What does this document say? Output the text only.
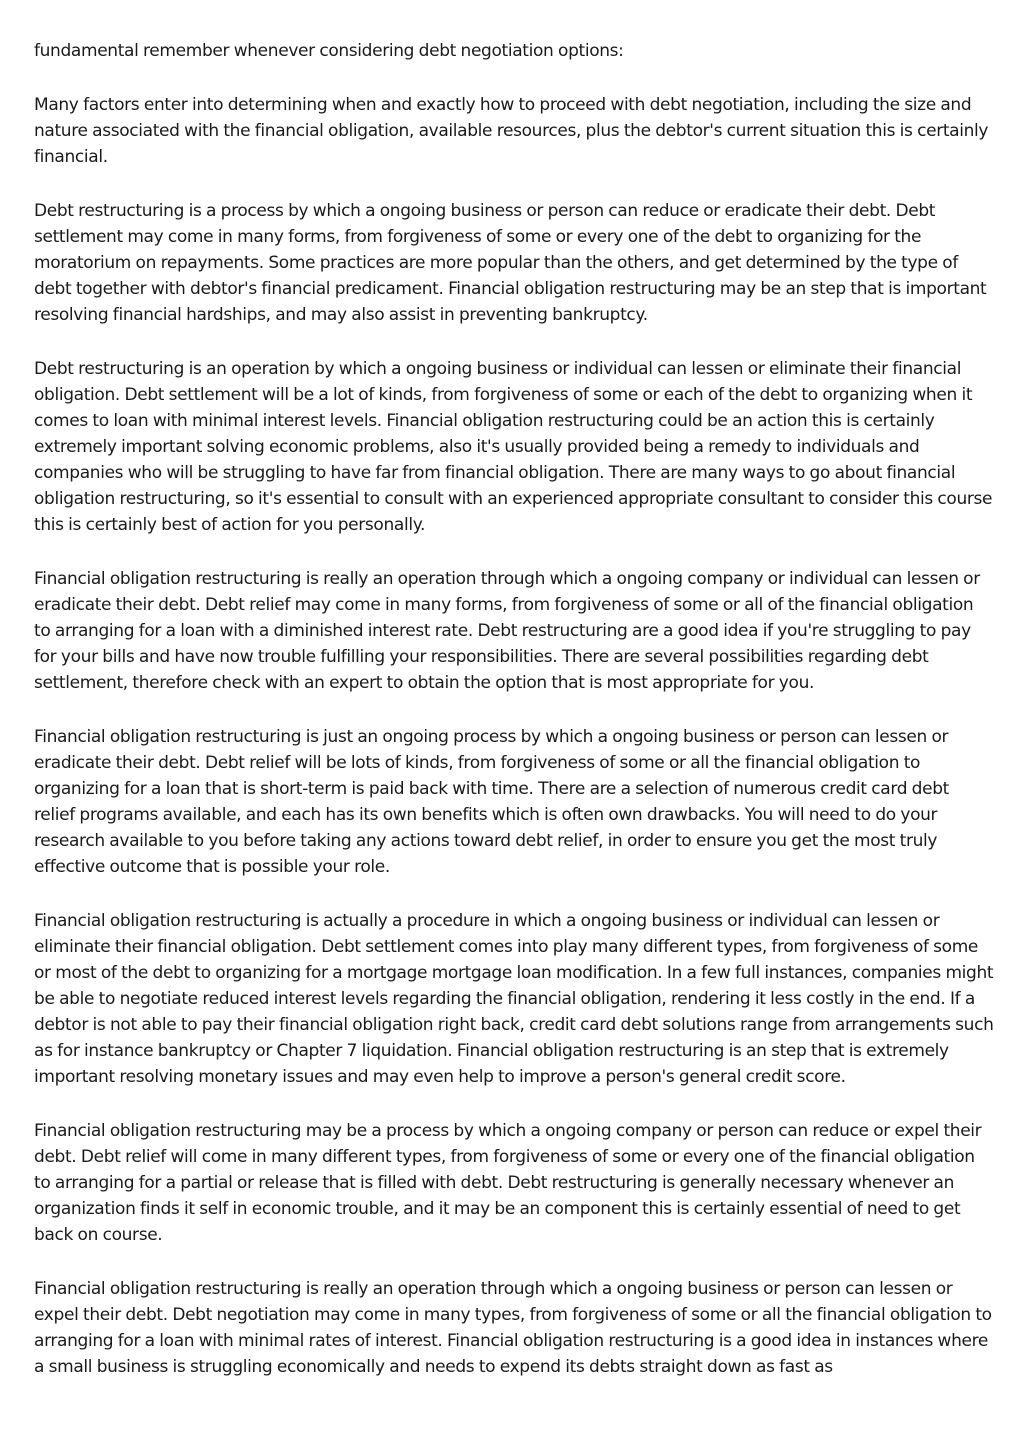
fundamental remember whenever considering debt negotiation options:

Many factors enter into determining when and exactly how to proceed with debt negotiation, including the size and nature associated with the financial obligation, available resources, plus the debtor's current situation this is certainly financial.

Debt restructuring is a process by which a ongoing business or person can reduce or eradicate their debt. Debt settlement may come in many forms, from forgiveness of some or every one of the debt to organizing for the moratorium on repayments. Some practices are more popular than the others, and get determined by the type of debt together with debtor's financial predicament. Financial obligation restructuring may be an step that is important resolving financial hardships, and may also assist in preventing bankruptcy.

Debt restructuring is an operation by which a ongoing business or individual can lessen or eliminate their financial obligation. Debt settlement will be a lot of kinds, from forgiveness of some or each of the debt to organizing when it comes to loan with minimal interest levels. Financial obligation restructuring could be an action this is certainly extremely important solving economic problems, also it's usually provided being a remedy to individuals and companies who will be struggling to have far from financial obligation. There are many ways to go about financial obligation restructuring, so it's essential to consult with an experienced appropriate consultant to consider this course this is certainly best of action for you personally.

Financial obligation restructuring is really an operation through which a ongoing company or individual can lessen or eradicate their debt. Debt relief may come in many forms, from forgiveness of some or all of the financial obligation to arranging for a loan with a diminished interest rate. Debt restructuring are a good idea if you're struggling to pay for your bills and have now trouble fulfilling your responsibilities. There are several possibilities regarding debt settlement, therefore check with an expert to obtain the option that is most appropriate for you.

Financial obligation restructuring is just an ongoing process by which a ongoing business or person can lessen or eradicate their debt. Debt relief will be lots of kinds, from forgiveness of some or all the financial obligation to organizing for a loan that is short-term is paid back with time. There are a selection of numerous credit card debt relief programs available, and each has its own benefits which is often own drawbacks. You will need to do your research available to you before taking any actions toward debt relief, in order to ensure you get the most truly effective outcome that is possible your role.

Financial obligation restructuring is actually a procedure in which a ongoing business or individual can lessen or eliminate their financial obligation. Debt settlement comes into play many different types, from forgiveness of some or most of the debt to organizing for a mortgage mortgage loan modification. In a few full instances, companies might be able to negotiate reduced interest levels regarding the financial obligation, rendering it less costly in the end. If a debtor is not able to pay their financial obligation right back, credit card debt solutions range from arrangements such as for instance bankruptcy or Chapter 7 liquidation. Financial obligation restructuring is an step that is extremely important resolving monetary issues and may even help to improve a person's general credit score.

Financial obligation restructuring may be a process by which a ongoing company or person can reduce or expel their debt. Debt relief will come in many different types, from forgiveness of some or every one of the financial obligation to arranging for a partial or release that is filled with debt. Debt restructuring is generally necessary whenever an organization finds it self in economic trouble, and it may be an component this is certainly essential of need to get back on course.

Financial obligation restructuring is really an operation through which a ongoing business or person can lessen or expel their debt. Debt negotiation may come in many types, from forgiveness of some or all the financial obligation to arranging for a loan with minimal rates of interest. Financial obligation restructuring is a good idea in instances where a small business is struggling economically and needs to expend its debts straight down as fast as
